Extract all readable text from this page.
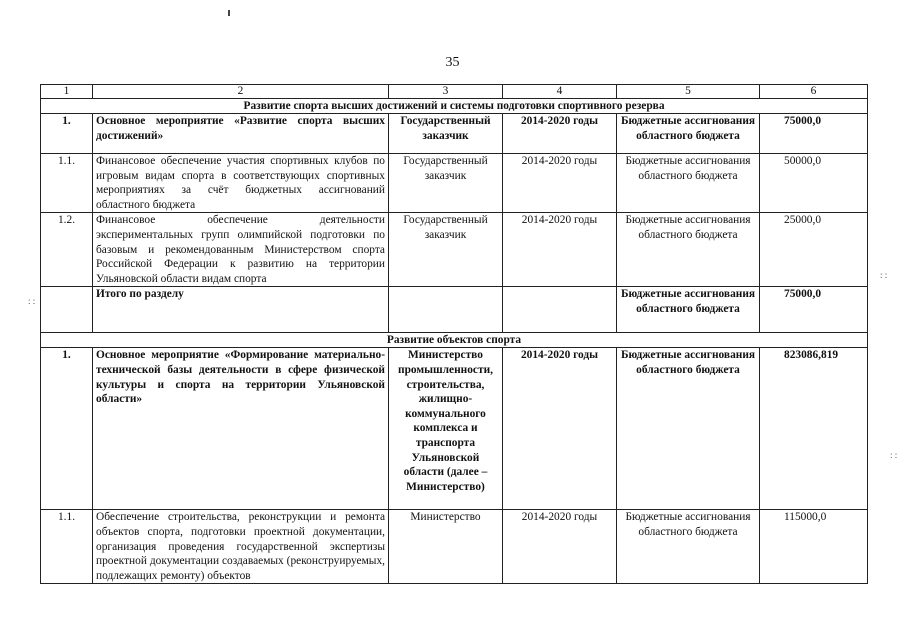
: :
: :
: :
35
1	2	3	4	5	6
Развитие спорта высших достижений и системы подготовки спортивного резерва					
1.	Основное мероприятие «Развитие спорта высших достижений»	Государственный заказчик	2014-2020 годы	Бюджетные ассигнования областного бюджета	75000,0
1.1.	Финансовое обеспечение участия спортивных клубов по игровым видам спорта в соответствующих спортивных мероприятиях за счёт бюджетных ассигнований областного бюджета	Государственный заказчик	2014-2020 годы	Бюджетные ассигнования областного бюджета	50000,0
1.2.	Финансовое обеспечение деятельности экспериментальных групп олимпийской подготовки по базовым и рекомендованным Министерством спорта Российской Федерации к развитию на территории Ульяновской области видам спорта	Государственный заказчик	2014-2020 годы	Бюджетные ассигнования областного бюджета	25000,0
	Итого по разделу			Бюджетные ассигнования областного бюджета	75000,0
Развитие объектов спорта					
1.	Основное мероприятие «Формирование материально-технической базы деятельности в сфере физической культуры и спорта на территории Ульяновской области»	Министерство промышленности, строительства, жилищно-коммунального комплекса и транспорта Ульяновской области (далее – Министерство)	2014-2020 годы	Бюджетные ассигнования областного бюджета	823086,819
1.1.	Обеспечение строительства, реконструкции и ремонта объектов спорта, подготовки проектной документации, организация проведения государственной экспертизы проектной документации создаваемых (реконструируемых, подлежащих ремонту) объектов	Министерство	2014-2020 годы	Бюджетные ассигнования областного бюджета	115000,0
